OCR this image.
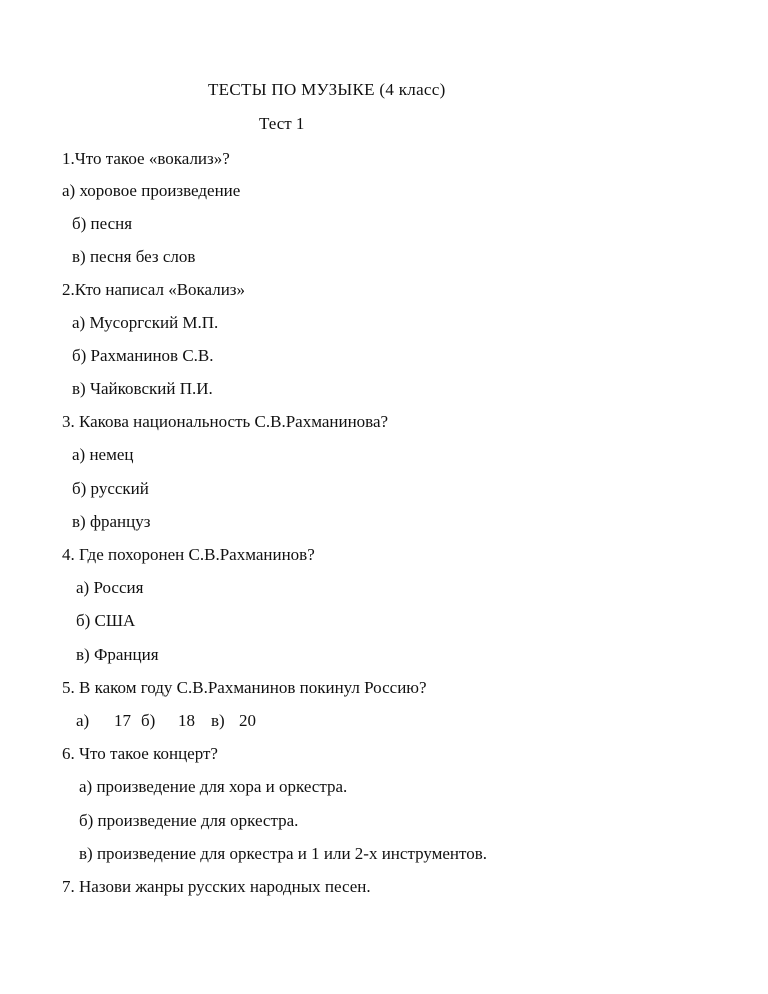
ТЕСТЫ ПО МУЗЫКЕ (4 класс)
Тест 1
1.Что такое «вокализ»?
а) хоровое произведение
б) песня
в) песня без слов
2.Кто написал «Вокализ»
а) Мусоргский М.П.
б) Рахманинов С.В.
в) Чайковский П.И.
3. Какова национальность С.В.Рахманинова?
а) немец
б) русский
в) француз
4. Где похоронен С.В.Рахманинов?
а) Россия
б) США
в) Франция
5. В каком году С.В.Рахманинов покинул Россию?
а) 17 б) 18 в) 20
6. Что такое концерт?
а) произведение для хора и оркестра.
б) произведение для оркестра.
в) произведение для оркестра и 1 или 2-х инструментов.
7. Назови жанры русских народных песен.
